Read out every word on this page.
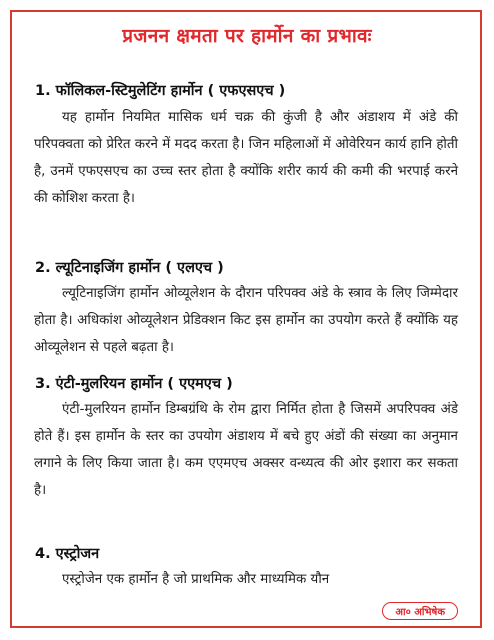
प्रजनन क्षमता पर हार्मोन का प्रभावः
1. फॉलिकल-स्टिमुलेटिंग हार्मोन ( एफएसएच )

यह हार्मोन नियमित मासिक धर्म चक्र की कुंजी है और अंडाशय में अंडे की परिपक्वता को प्रेरित करने में मदद करता है। जिन महिलाओं में ओवेरियन कार्य हानि होती है, उनमें एफएसएच का उच्च स्तर होता है क्योंकि शरीर कार्य की कमी की भरपाई करने की कोशिश करता है।

2. ल्यूटिनाइजिंग हार्मोन ( एलएच )

ल्यूटिनाइजिंग हार्मोन ओव्यूलेशन के दौरान परिपक्व अंडे के स्त्राव के लिए जिम्मेदार होता है। अधिकांश ओव्यूलेशन प्रेडिक्शन किट इस हार्मोन का उपयोग करते हैं क्योंकि यह ओव्यूलेशन से पहले बढ़ता है।

3. एंटी-मुलरियन हार्मोन ( एएमएच )

एंटी-मुलरियन हार्मोन डिम्बग्रंथि के रोम द्वारा निर्मित होता है जिसमें अपरिपक्व अंडे होते हैं। इस हार्मोन के स्तर का उपयोग अंडाशय में बचे हुए अंडों की संख्या का अनुमान लगाने के लिए किया जाता है। कम एएमएच अक्सर वन्ध्यत्व की ओर इशारा कर सकता है।

4. एस्ट्रोजन

एस्ट्रोजेन एक हार्मोन है जो प्राथमिक और माध्यमिक यौन

आ० अभिषेक
